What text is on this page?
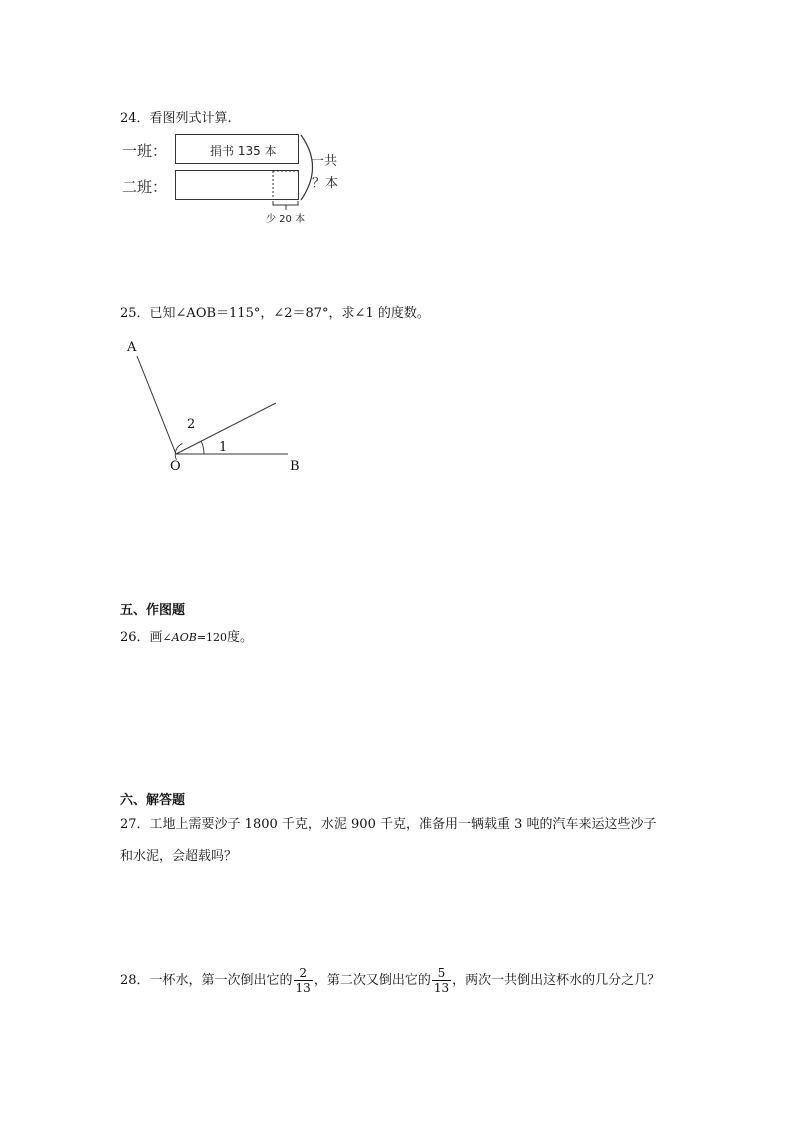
24．看图列式计算.
一班：
二班：
捐书 135 本
一共
？本
少 20 本
25．已知∠AOB＝115°，∠2＝87°，求∠1 的度数。
A
O	B
1
2
五、作图题
26．画∠AOB=120度。
六、解答题
27．工地上需要沙子 1800 千克，水泥 900 千克，准备用一辆载重 3 吨的汽车来运这些沙子
和水泥，会超载吗？
28．一杯水，第一次倒出它的 $\frac{2}{13}$ ，第二次又倒出它的 $\frac{5}{13}$ ，两次一共倒出这杯水的几分之几？
